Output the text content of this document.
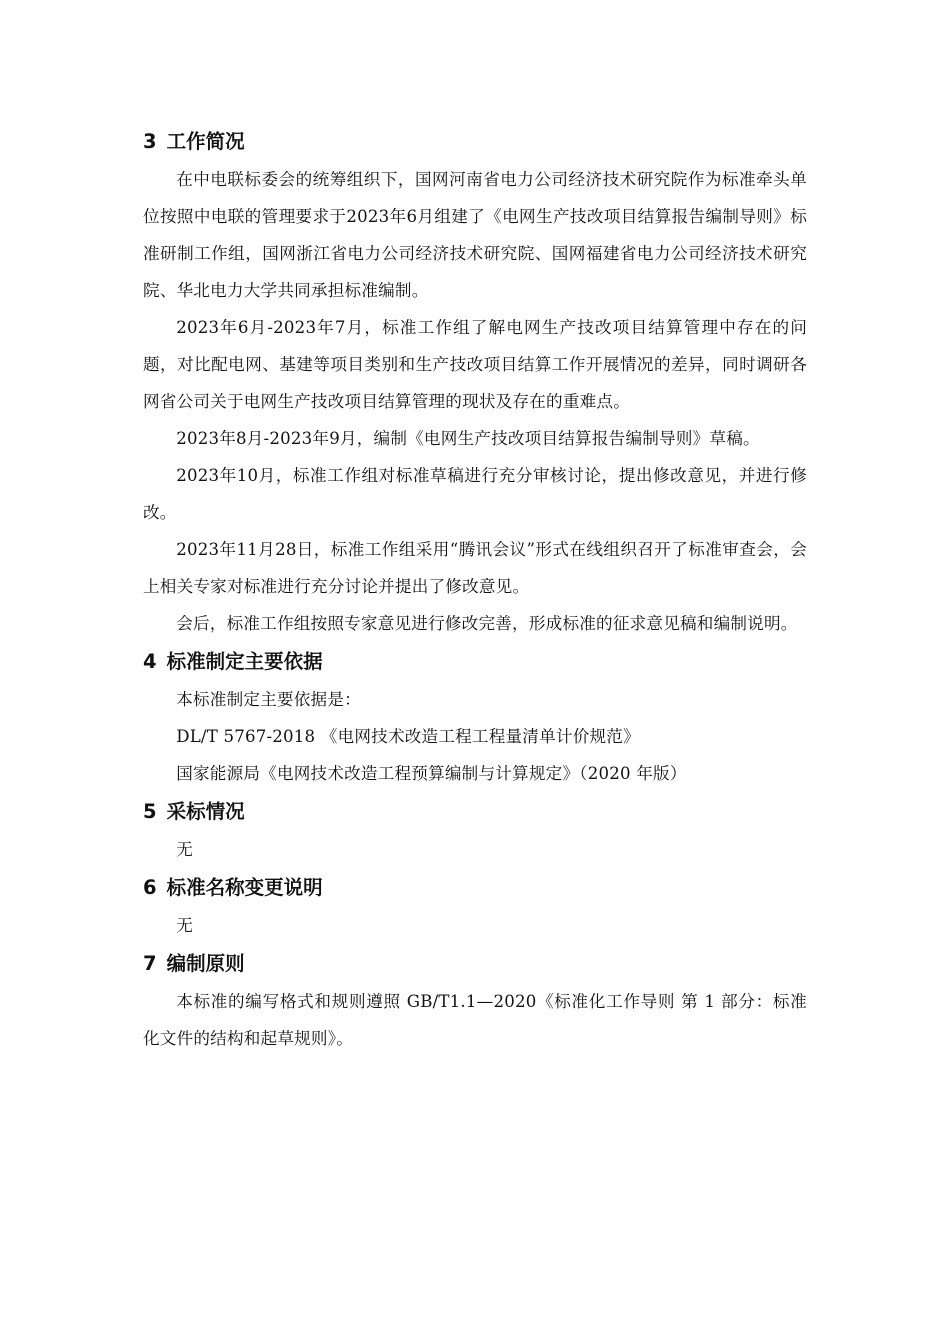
3 工作简况

在中电联标委会的统筹组织下，国网河南省电力公司经济技术研究院作为标准牵头单位按照中电联的管理要求于2023年6月组建了《电网生产技改项目结算报告编制导则》标准研制工作组，国网浙江省电力公司经济技术研究院、国网福建省电力公司经济技术研究院、华北电力大学共同承担标准编制。

2023年6月-2023年7月，标准工作组了解电网生产技改项目结算管理中存在的问题，对比配电网、基建等项目类别和生产技改项目结算工作开展情况的差异，同时调研各网省公司关于电网生产技改项目结算管理的现状及存在的重难点。

2023年8月-2023年9月，编制《电网生产技改项目结算报告编制导则》草稿。

2023年10月，标准工作组对标准草稿进行充分审核讨论，提出修改意见，并进行修改。

2023年11月28日，标准工作组采用“腾讯会议”形式在线组织召开了标准审查会，会上相关专家对标准进行充分讨论并提出了修改意见。

会后，标准工作组按照专家意见进行修改完善，形成标准的征求意见稿和编制说明。

4 标准制定主要依据

本标准制定主要依据是：

DL/T 5767-2018 《电网技术改造工程工程量清单计价规范》

国家能源局《电网技术改造工程预算编制与计算规定》（2020 年版）

5 采标情况

无

6 标准名称变更说明

无

7 编制原则

本标准的编写格式和规则遵照 GB/T1.1—2020《标准化工作导则 第 1 部分：标准化文件的结构和起草规则》。
